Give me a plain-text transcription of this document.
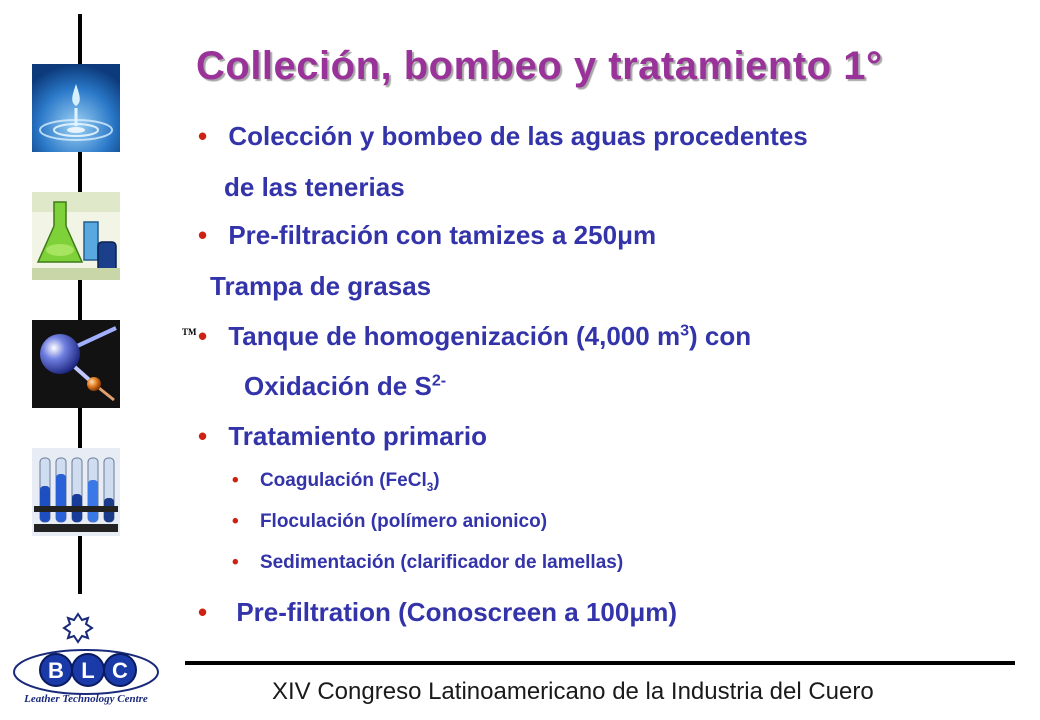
TM
Colleción, bombeo y tratamiento 1°
• Colección y bombeo de las aguas procedentes
de las tenerias
• Pre-filtración con tamizes a 250μm
Trampa de grasas
• Tanque de homogenización (4,000 $m^3$) con
Oxidación de $S^{2-}$
• Tratamiento primario
• Coagulación (FeCl$_3$)
• Floculación (polímero anionico)
• Sedimentación (clarificador de lamellas)
• Pre-filtration (Conoscreen a 100μm)
XIV Congreso Latinoamericano de la Industria del Cuero
B L C
Leather Technology Centre
